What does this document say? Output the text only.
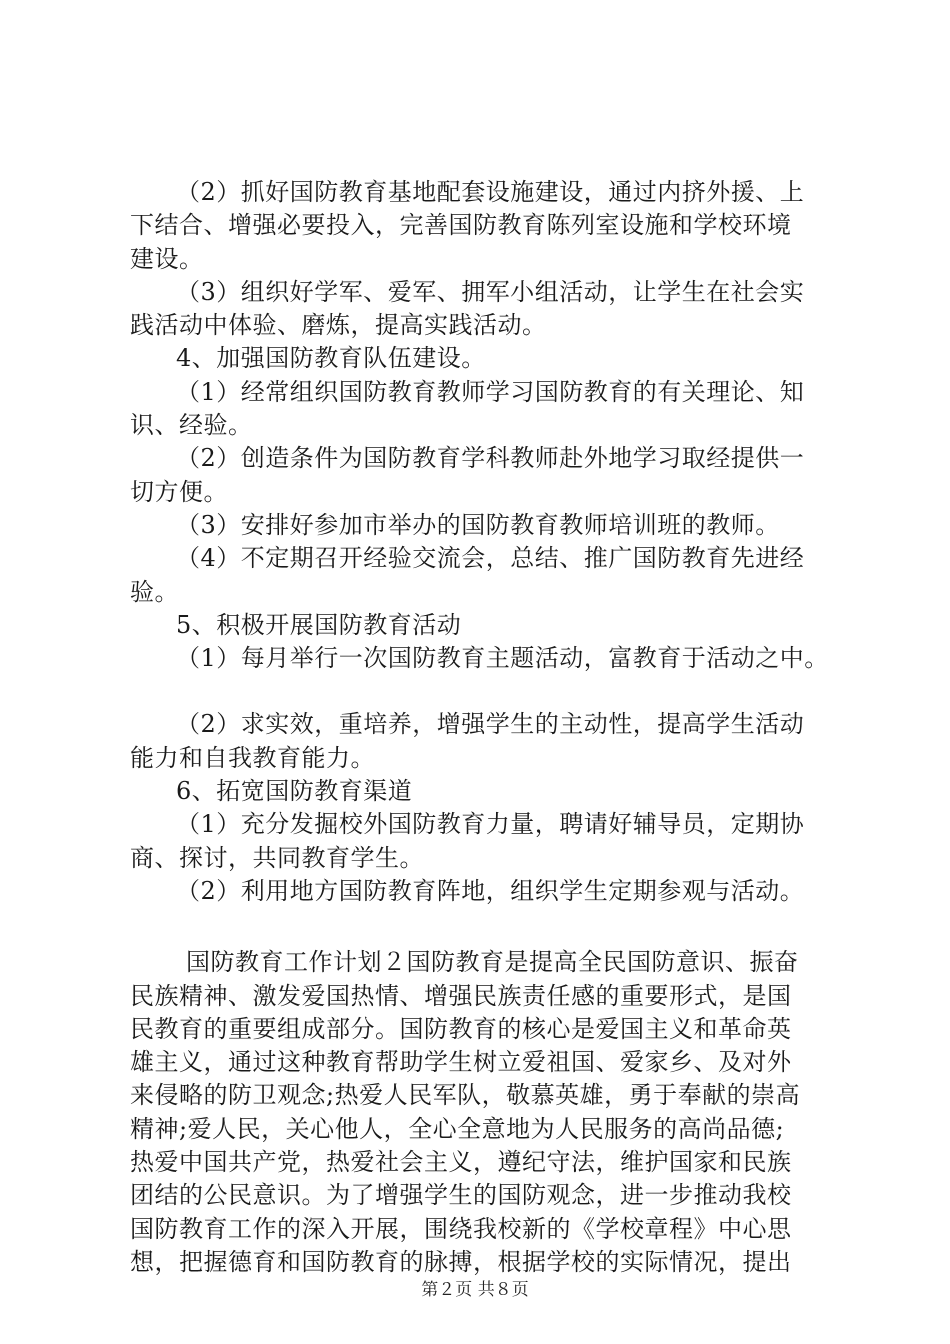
（2）抓好国防教育基地配套设施建设，通过内挤外援、上
下结合、增强必要投入，完善国防教育陈列室设施和学校环境
建设。
（3）组织好学军、爱军、拥军小组活动，让学生在社会实
践活动中体验、磨炼，提高实践活动。
4、加强国防教育队伍建设。
（1）经常组织国防教育教师学习国防教育的有关理论、知
识、经验。
（2）创造条件为国防教育学科教师赴外地学习取经提供一
切方便。
（3）安排好参加市举办的国防教育教师培训班的教师。
（4）不定期召开经验交流会，总结、推广国防教育先进经
验。
5、积极开展国防教育活动
（1）每月举行一次国防教育主题活动，富教育于活动之中。
（2）求实效，重培养，增强学生的主动性，提高学生活动
能力和自我教育能力。
6、拓宽国防教育渠道
（1）充分发掘校外国防教育力量，聘请好辅导员，定期协
商、探讨，共同教育学生。
（2）利用地方国防教育阵地，组织学生定期参观与活动。
国防教育工作计划２国防教育是提高全民国防意识、振奋
民族精神、激发爱国热情、增强民族责任感的重要形式，是国
民教育的重要组成部分。国防教育的核心是爱国主义和革命英
雄主义，通过这种教育帮助学生树立爱祖国、爱家乡、及对外
来侵略的防卫观念;热爱人民军队，敬慕英雄，勇于奉献的崇高
精神;爱人民，关心他人，全心全意地为人民服务的高尚品德;
热爱中国共产党，热爱社会主义，遵纪守法，维护国家和民族
团结的公民意识。为了增强学生的国防观念，进一步推动我校
国防教育工作的深入开展，围绕我校新的《学校章程》中心思
想，把握德育和国防教育的脉搏，根据学校的实际情况，提出
第２页 共８页
